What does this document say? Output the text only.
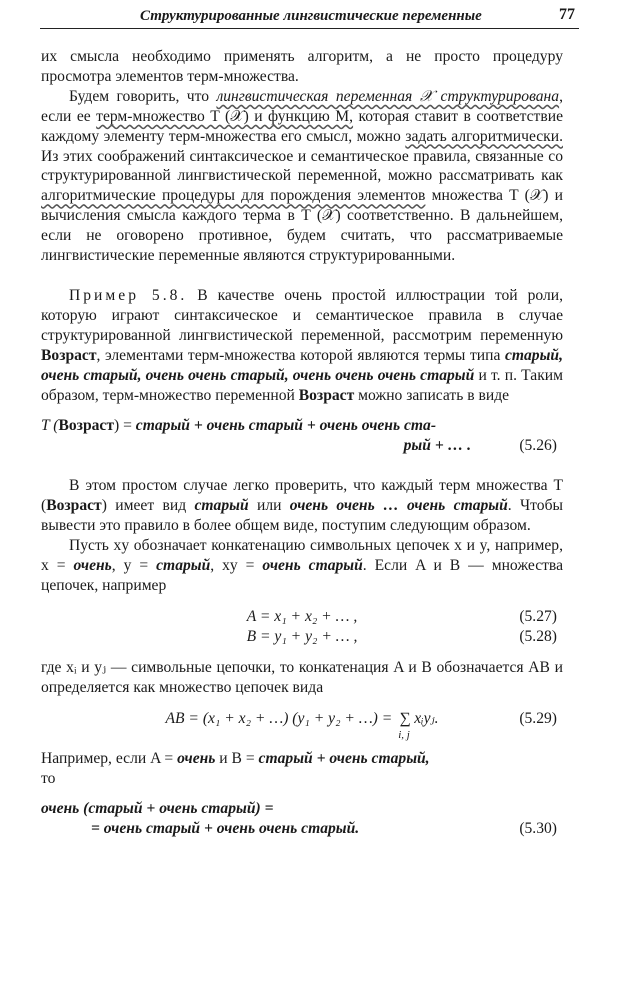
Структурированные лингвистические переменные	77

их смысла необходимо применять алгоритм, а не просто процедуру просмотра элементов терм-множества.

Будем говорить, что лингвистическая переменная 𝒳 структурирована, если ее терм-множество T (𝒳) и функцию M, которая ставит в соответствие каждому элементу терм-множества его смысл, можно задать алгоритмически. Из этих соображений синтаксическое и семантическое правила, связанные со структурированной лингвистической переменной, можно рассматривать как алгоритмические процедуры для порождения элементов множества T (𝒳) и вычисления смысла каждого терма в T (𝒳) соответственно. В дальнейшем, если не оговорено противное, будем считать, что рассматриваемые лингвистические переменные являются структурированными.

Пример 5.8. В качестве очень простой иллюстрации той роли, которую играют синтаксическое и семантическое правила в случае структурированной лингвистической переменной, рассмотрим переменную Возраст, элементами терм-множества которой являются термы типа старый, очень старый, очень очень старый, очень очень очень старый и т. п. Таким образом, терм-множество переменной Возраст можно записать в виде

T (Возраст) = старый + очень старый + очень очень ста-
рый + … .	(5.26)

В этом простом случае легко проверить, что каждый терм множества T (Возраст) имеет вид старый или очень очень … очень старый. Чтобы вывести это правило в более общем виде, поступим следующим образом.

Пусть xy обозначает конкатенацию символьных цепочек x и y, например, x = очень, y = старый, xy = очень старый. Если A и B — множества цепочек, например

A = x₁ + x₂ + … ,	(5.27)
B = y₁ + y₂ + … ,	(5.28)

где xᵢ и yⱼ — символьные цепочки, то конкатенация A и B обозначается AB и определяется как множество цепочек вида

AB = (x₁ + x₂ + …) (y₁ + y₂ + …) = ∑
i, j
xᵢyⱼ.	(5.29)

Например, если A = очень и B = старый + очень старый,
то

очень (старый + очень старый) =
= очень старый + очень очень старый.	(5.30)
